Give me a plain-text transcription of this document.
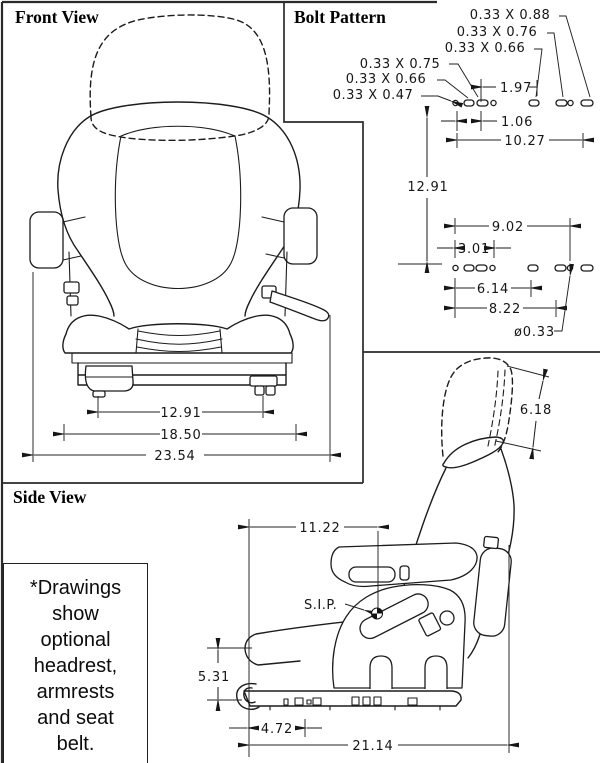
Front View	Bolt Pattern
Side View
*Drawings
show
optional
headrest,
armrests
and seat
belt.
12.91
18.50
23.54
0.33 X 0.88
0.33 X 0.76
0.33 X 0.66
0.33 X 0.75
0.33 X 0.66
0.33 X 0.47	1.97
1.06
10.27
12.91
9.02
3.01
6.14
8.22
ø0.33
S.I.P.
11.22
6.18
5.31
4.72
21.14
